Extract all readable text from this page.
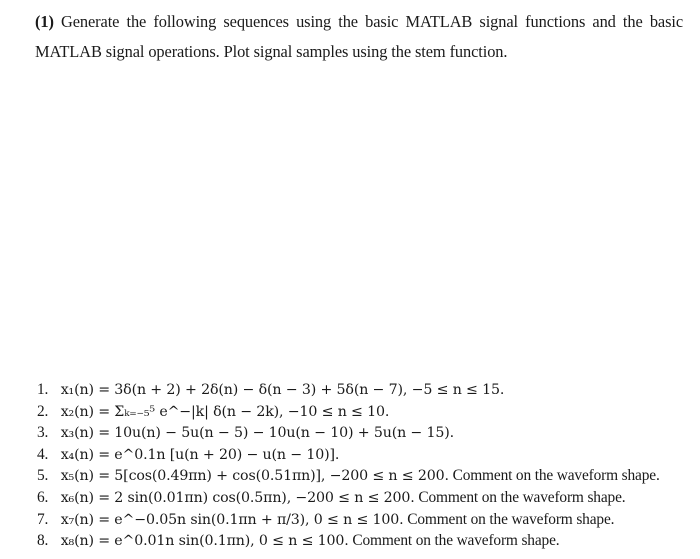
(1) Generate the following sequences using the basic MATLAB signal functions and the basic MATLAB signal operations. Plot signal samples using the stem function.

1. x₁(n) = 3δ(n + 2) + 2δ(n) − δ(n − 3) + 5δ(n − 7), −5 ≤ n ≤ 15.
2. x₂(n) = Σₖ₌₋₅⁵ e^−|k| δ(n − 2k), −10 ≤ n ≤ 10.
3. x₃(n) = 10u(n) − 5u(n − 5) − 10u(n − 10) + 5u(n − 15).
4. x₄(n) = e^0.1n [u(n + 20) − u(n − 10)].
5. x₅(n) = 5[cos(0.49πn) + cos(0.51πn)], −200 ≤ n ≤ 200. Comment on the waveform shape.
6. x₆(n) = 2 sin(0.01πn) cos(0.5πn), −200 ≤ n ≤ 200. Comment on the waveform shape.
7. x₇(n) = e^−0.05n sin(0.1πn + π/3), 0 ≤ n ≤ 100. Comment on the waveform shape.
8. x₈(n) = e^0.01n sin(0.1πn), 0 ≤ n ≤ 100. Comment on the waveform shape.
